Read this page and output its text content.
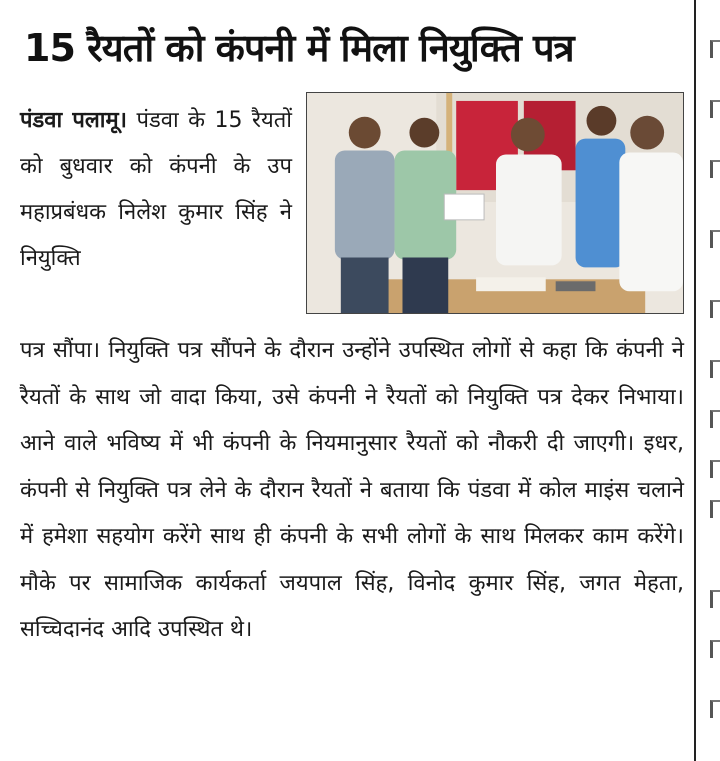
15 रैयतों को कंपनी में मिला नियुक्ति पत्र
पंडवा पलामू। पंडवा के 15 रैयतों को बुधवार को कंपनी के उप महाप्रबंधक निलेश कुमार सिंह ने नियुक्ति
पत्र सौंपा। नियुक्ति पत्र सौंपने के दौरान उन्होंने उपस्थित लोगों से कहा कि कंपनी ने रैयतों के साथ जो वादा किया, उसे कंपनी ने रैयतों को नियुक्ति पत्र देकर निभाया। आने वाले भविष्य में भी कंपनी के नियमानुसार रैयतों को नौकरी दी जाएगी। इधर, कंपनी से नियुक्ति पत्र लेने के दौरान रैयतों ने बताया कि पंडवा में कोल माइंस चलाने में हमेशा सहयोग करेंगे साथ ही कंपनी के सभी लोगों के साथ मिलकर काम करेंगे। मौके पर सामाजिक कार्यकर्ता जयपाल सिंह, विनोद कुमार सिंह, जगत मेहता, सच्चिदानंद आदि उपस्थित थे।
